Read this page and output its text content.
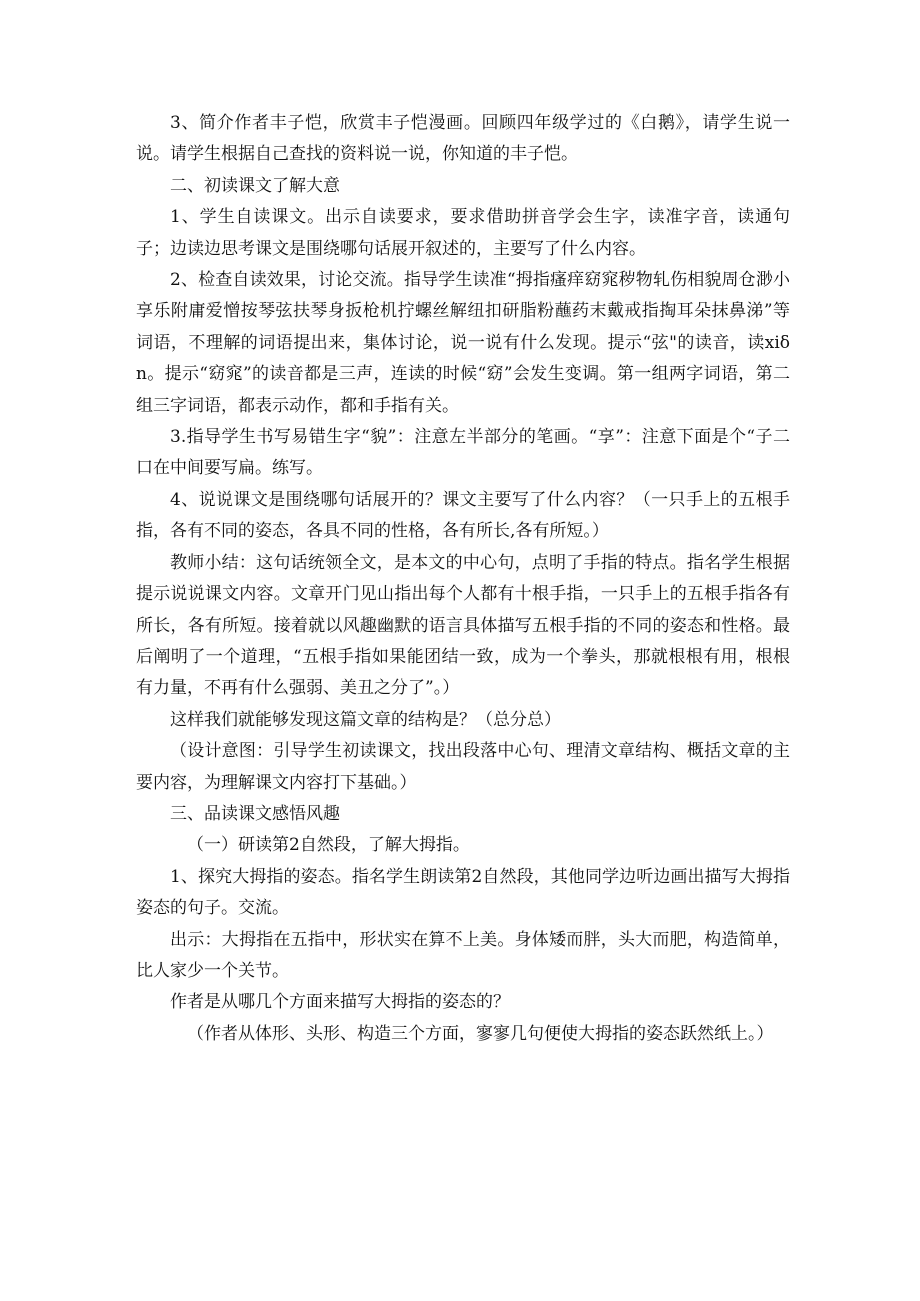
3、简介作者丰子恺，欣赏丰子恺漫画。回顾四年级学过的《白鹅》，请学生说一说。请学生根据自己查找的资料说一说，你知道的丰子恺。

二、初读课文了解大意

1、学生自读课文。出示自读要求，要求借助拼音学会生字，读准字音，读通句子；边读边思考课文是围绕哪句话展开叙述的，主要写了什么内容。

2、检查自读效果，讨论交流。指导学生读准“拇指瘙痒窈窕秽物轧伤相貌周仓渺小享乐附庸爱憎按琴弦扶琴身扳枪机拧螺丝解纽扣研脂粉蘸药末戴戒指掏耳朵抹鼻涕”等词语，不理解的词语提出来，集体讨论，说一说有什么发现。提示“弦"的读音，读xiδn。提示“窈窕”的读音都是三声，连读的时候“窈”会发生变调。第一组两字词语，第二组三字词语，都表示动作，都和手指有关。

3.指导学生书写易错生字“貌”：注意左半部分的笔画。“享”：注意下面是个“子二口在中间要写扁。练写。

4、说说课文是围绕哪句话展开的？课文主要写了什么内容？（一只手上的五根手指，各有不同的姿态，各具不同的性格，各有所长,各有所短。）

教师小结：这句话统领全文，是本文的中心句，点明了手指的特点。指名学生根据提示说说课文内容。文章开门见山指出每个人都有十根手指，一只手上的五根手指各有所长，各有所短。接着就以风趣幽默的语言具体描写五根手指的不同的姿态和性格。最后阐明了一个道理，“五根手指如果能团结一致，成为一个拳头，那就根根有用，根根有力量，不再有什么强弱、美丑之分了”。）

这样我们就能够发现这篇文章的结构是？（总分总）

（设计意图：引导学生初读课文，找出段落中心句、理清文章结构、概括文章的主要内容，为理解课文内容打下基础。）

三、品读课文感悟风趣

（一）研读第2自然段，了解大拇指。

1、探究大拇指的姿态。指名学生朗读第2自然段，其他同学边听边画出描写大拇指姿态的句子。交流。

出示：大拇指在五指中，形状实在算不上美。身体矮而胖，头大而肥，构造简单，比人家少一个关节。

作者是从哪几个方面来描写大拇指的姿态的？

（作者从体形、头形、构造三个方面，寥寥几句便使大拇指的姿态跃然纸上。）
